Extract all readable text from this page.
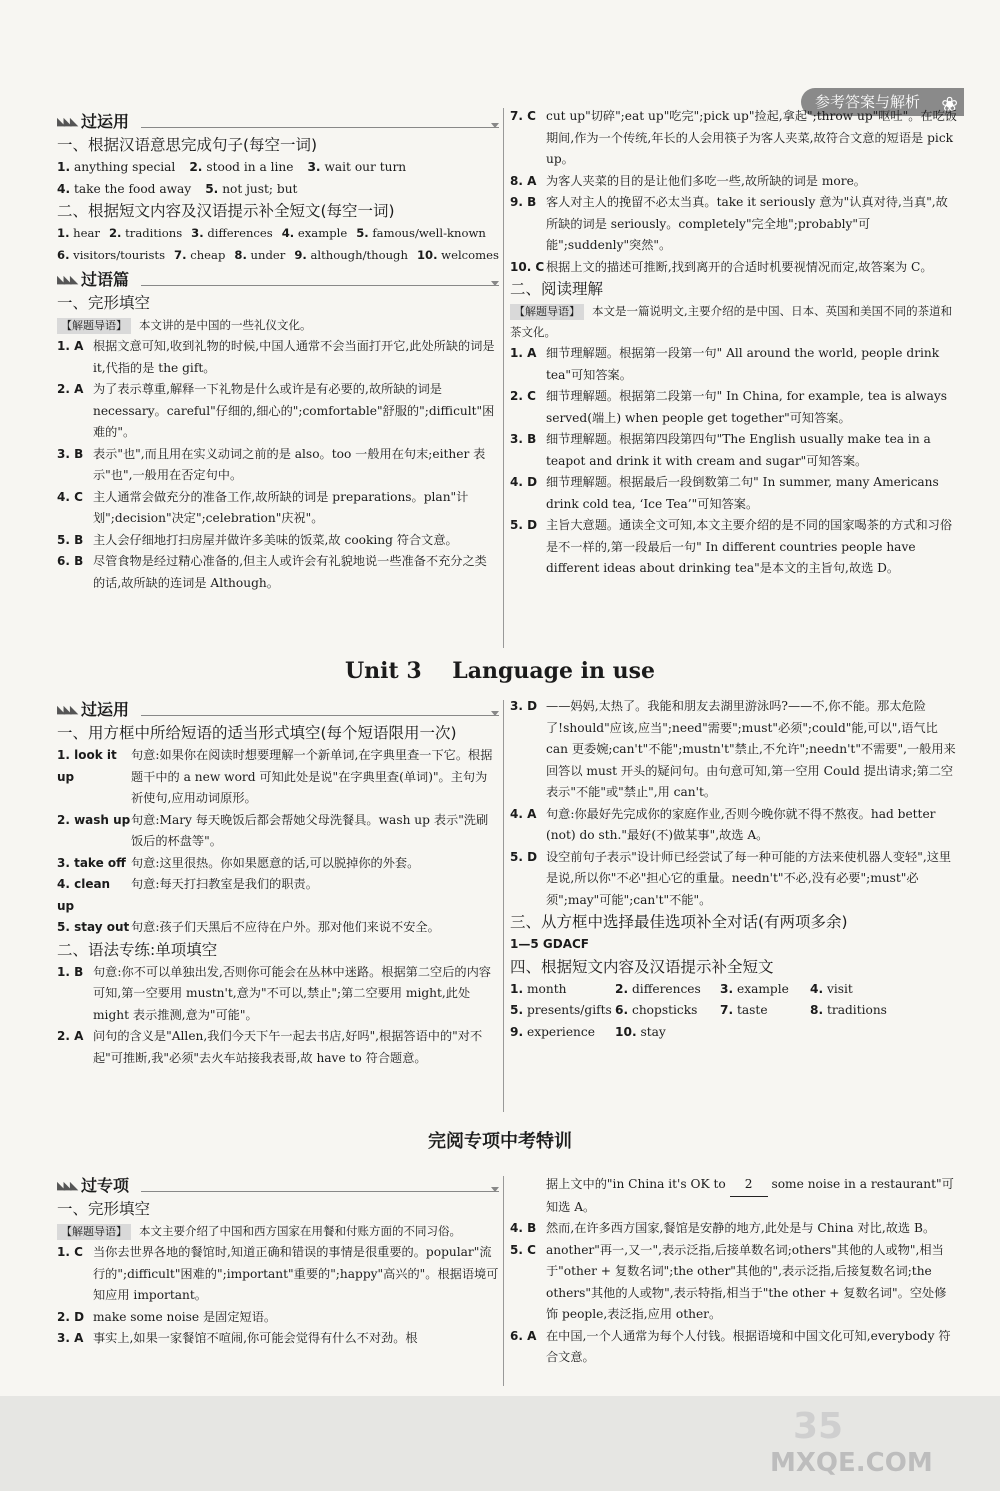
参考答案与解析 ❀
◣◣◣ 过运用
一、根据汉语意思完成句子(每空一词)
1. anything special 2. stood in a line 3. wait our turn
4. take the food away 5. not just; but
二、根据短文内容及汉语提示补全短文(每空一词)
1. hear 2. traditions 3. differences 4. example 5. famous/well-known
6. visitors/tourists 7. cheap 8. under 9. although/though 10. welcomes
◣◣◣ 过语篇
一、完形填空
【解题导语】 本文讲的是中国的一些礼仪文化。
1. A 根据文意可知,收到礼物的时候,中国人通常不会当面打开它,此处所缺的词是 it,代指的是 the gift。
2. A 为了表示尊重,解释一下礼物是什么或许是有必要的,故所缺的词是 necessary。careful"仔细的,细心的";comfortable"舒服的";difficult"困难的"。
3. B 表示"也",而且用在实义动词之前的是 also。too 一般用在句末;either 表示"也",一般用在否定句中。
4. C 主人通常会做充分的准备工作,故所缺的词是 preparations。plan"计划";decision"决定";celebration"庆祝"。
5. B 主人会仔细地打扫房屋并做许多美味的饭菜,故 cooking 符合文意。
6. B 尽管食物是经过精心准备的,但主人或许会有礼貌地说一些准备不充分之类的话,故所缺的连词是 Although。
7. C cut up"切碎";eat up"吃完";pick up"捡起,拿起";throw up"呕吐"。在吃饭期间,作为一个传统,年长的人会用筷子为客人夹菜,故符合文意的短语是 pick up。
8. A 为客人夹菜的目的是让他们多吃一些,故所缺的词是 more。
9. B 客人对主人的挽留不必太当真。take it seriously 意为"认真对待,当真",故所缺的词是 seriously。completely"完全地";probably"可能";suddenly"突然"。
10. C 根据上文的描述可推断,找到离开的合适时机要视情况而定,故答案为 C。
二、阅读理解
【解题导语】 本文是一篇说明文,主要介绍的是中国、日本、英国和美国不同的茶道和茶文化。
1. A 细节理解题。根据第一段第一句" All around the world, people drink tea"可知答案。
2. C 细节理解题。根据第二段第一句" In China, for example, tea is always served(端上) when people get together"可知答案。
3. B 细节理解题。根据第四段第四句"The English usually make tea in a teapot and drink it with cream and sugar"可知答案。
4. D 细节理解题。根据最后一段倒数第二句" In summer, many Americans drink cold tea, ‘Ice Tea’"可知答案。
5. D 主旨大意题。通读全文可知,本文主要介绍的是不同的国家喝茶的方式和习俗是不一样的,第一段最后一句" In different countries people have different ideas about drinking tea"是本文的主旨句,故选 D。
Unit 3    Language in use
◣◣◣ 过运用
一、用方框中所给短语的适当形式填空(每个短语限用一次)
1. look it up
句意:如果你在阅读时想要理解一个新单词,在字典里查一下它。根据题干中的 a new word 可知此处是说"在字典里查(单词)"。主句为祈使句,应用动词原形。
2. wash up 句意:Mary 每天晚饭后都会帮她父母洗餐具。wash up 表示"洗刷饭后的杯盘等"。
3. take off 句意:这里很热。你如果愿意的话,可以脱掉你的外套。
4. clean up
句意:每天打扫教室是我们的职责。
5. stay out 句意:孩子们天黑后不应待在户外。那对他们来说不安全。
二、语法专练:单项填空
1. B 句意:你不可以单独出发,否则你可能会在丛林中迷路。根据第二空后的内容可知,第一空要用 mustn't,意为"不可以,禁止";第二空要用 might,此处 might 表示推测,意为"可能"。
2. A 问句的含义是"Allen,我们今天下午一起去书店,好吗",根据答语中的"对不起"可推断,我"必须"去火车站接我表哥,故 have to 符合题意。
3. D ——妈妈,太热了。我能和朋友去湖里游泳吗?——不,你不能。那太危险了!should"应该,应当";need"需要";must"必须";could"能,可以",语气比 can 更委婉;can't"不能";mustn't"禁止,不允许";needn't"不需要",一般用来回答以 must 开头的疑问句。由句意可知,第一空用 Could 提出请求;第二空表示"不能"或"禁止",用 can't。
4. A 句意:你最好先完成你的家庭作业,否则今晚你就不得不熬夜。had better (not) do sth."最好(不)做某事",故选 A。
5. D 设空前句子表示"设计师已经尝试了每一种可能的方法来使机器人变轻",这里是说,所以你"不必"担心它的重量。needn't"不必,没有必要";must"必须";may"可能";can't"不能"。
三、从方框中选择最佳选项补全对话(有两项多余)
1—5 GDACF
四、根据短文内容及汉语提示补全短文
1. month	2. differences	3. example	4. visit
5. presents/gifts 6. chopsticks	7. taste	8. traditions
9. experience	10. stay
完阅专项中考特训
◣◣◣ 过专项
一、完形填空
【解题导语】 本文主要介绍了中国和西方国家在用餐和付账方面的不同习俗。
1. C 当你去世界各地的餐馆时,知道正确和错误的事情是很重要的。popular"流行的";difficult"困难的";important"重要的";happy"高兴的"。根据语境可知应用 important。
2. D make some noise 是固定短语。
3. A 事实上,如果一家餐馆不喧闹,你可能会觉得有什么不对劲。根
据上文中的"in China it's OK to 2 some noise in a restaurant"可知选 A。
4. B 然而,在许多西方国家,餐馆是安静的地方,此处是与 China 对比,故选 B。
5. C another"再一,又一",表示泛指,后接单数名词;others"其他的人或物",相当于"other + 复数名词";the other"其他的",表示泛指,后接复数名词;the others"其他的人或物",表示特指,相当于"the other + 复数名词"。空处修饰 people,表泛指,应用 other。
6. A 在中国,一个人通常为每个人付钱。根据语境和中国文化可知,everybody 符合文意。
35
MXQE.COM
